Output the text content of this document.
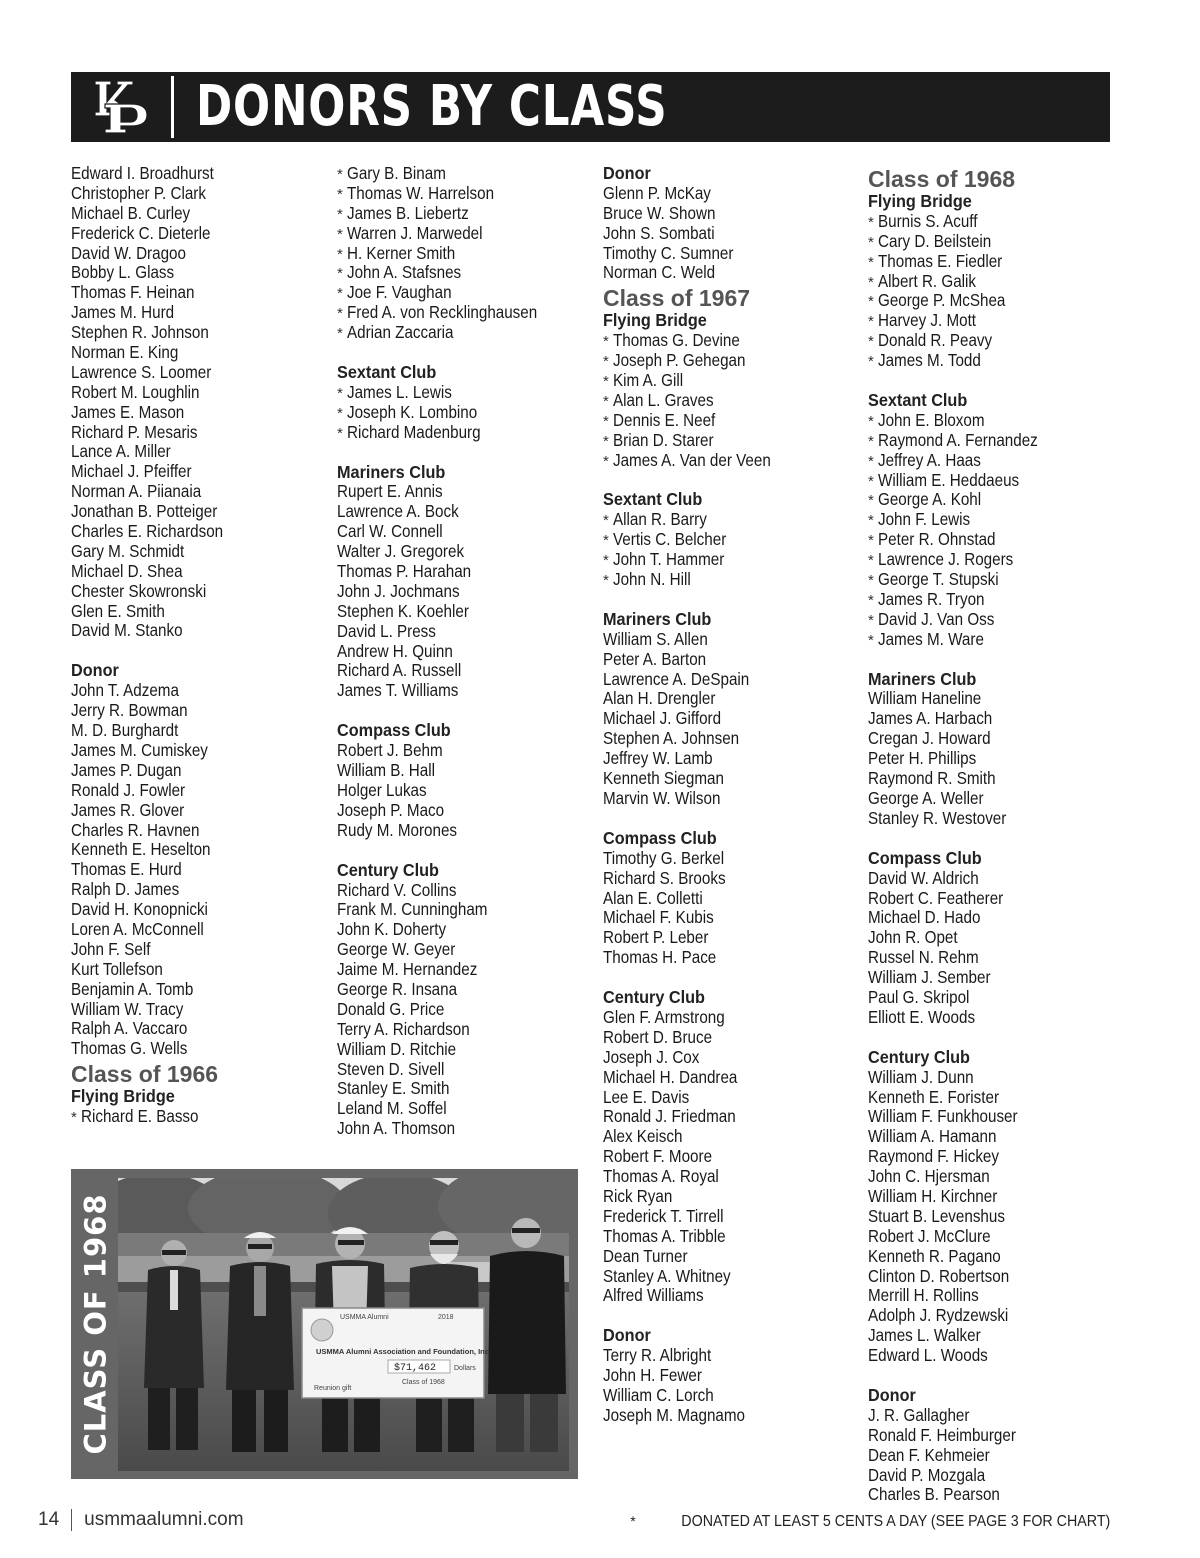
DONORS BY CLASS
Edward I. Broadhurst
Christopher P. Clark
Michael B. Curley
Frederick C. Dieterle
David W. Dragoo
Bobby L. Glass
Thomas F. Heinan
James M. Hurd
Stephen R. Johnson
Norman E. King
Lawrence S. Loomer
Robert M. Loughlin
James E. Mason
Richard P. Mesaris
Lance A. Miller
Michael J. Pfeiffer
Norman A. Piianaia
Jonathan B. Potteiger
Charles E. Richardson
Gary M. Schmidt
Michael D. Shea
Chester Skowronski
Glen E. Smith
David M. Stanko
Donor
John T. Adzema
Jerry R. Bowman
M. D. Burghardt
James M. Cumiskey
James P. Dugan
Ronald J. Fowler
James R. Glover
Charles R. Havnen
Kenneth E. Heselton
Thomas E. Hurd
Ralph D. James
David H. Konopnicki
Loren A. McConnell
John F. Self
Kurt Tollefson
Benjamin A. Tomb
William W. Tracy
Ralph A. Vaccaro
Thomas G. Wells
Class of 1966
Flying Bridge
* Richard E. Basso
* Gary B. Binam
* Thomas W. Harrelson
* James B. Liebertz
* Warren J. Marwedel
* H. Kerner Smith
* John A. Stafsnes
* Joe F. Vaughan
* Fred A. von Recklinghausen
* Adrian Zaccaria
Sextant Club
* James L. Lewis
* Joseph K. Lombino
* Richard Madenburg
Mariners Club
Rupert E. Annis
Lawrence A. Bock
Carl W. Connell
Walter J. Gregorek
Thomas P. Harahan
John J. Jochmans
Stephen K. Koehler
David L. Press
Andrew H. Quinn
Richard A. Russell
James T. Williams
Compass Club
Robert J. Behm
William B. Hall
Holger Lukas
Joseph P. Maco
Rudy M. Morones
Century Club
Richard V. Collins
Frank M. Cunningham
John K. Doherty
George W. Geyer
Jaime M. Hernandez
George R. Insana
Donald G. Price
Terry A. Richardson
William D. Ritchie
Steven D. Sivell
Stanley E. Smith
Leland M. Soffel
John A. Thomson
Donor
Glenn P. McKay
Bruce W. Shown
John S. Sombati
Timothy C. Sumner
Norman C. Weld
Class of 1967
Flying Bridge
* Thomas G. Devine
* Joseph P. Gehegan
* Kim A. Gill
* Alan L. Graves
* Dennis E. Neef
* Brian D. Starer
* James A. Van der Veen
Sextant Club
* Allan R. Barry
* Vertis C. Belcher
* John T. Hammer
* John N. Hill
Mariners Club
William S. Allen
Peter A. Barton
Lawrence A. DeSpain
Alan H. Drengler
Michael J. Gifford
Stephen A. Johnsen
Jeffrey W. Lamb
Kenneth Siegman
Marvin W. Wilson
Compass Club
Timothy G. Berkel
Richard S. Brooks
Alan E. Colletti
Michael F. Kubis
Robert P. Leber
Thomas H. Pace
Century Club
Glen F. Armstrong
Robert D. Bruce
Joseph J. Cox
Michael H. Dandrea
Lee E. Davis
Ronald J. Friedman
Alex Keisch
Robert F. Moore
Thomas A. Royal
Rick Ryan
Frederick T. Tirrell
Thomas A. Tribble
Dean Turner
Stanley A. Whitney
Alfred Williams
Donor
Terry R. Albright
John H. Fewer
William C. Lorch
Joseph M. Magnamo
Class of 1968
Flying Bridge
* Burnis S. Acuff
* Cary D. Beilstein
* Thomas E. Fiedler
* Albert R. Galik
* George P. McShea
* Harvey J. Mott
* Donald R. Peavy
* James M. Todd
Sextant Club
* John E. Bloxom
* Raymond A. Fernandez
* Jeffrey A. Haas
* William E. Heddaeus
* George A. Kohl
* John F. Lewis
* Peter R. Ohnstad
* Lawrence J. Rogers
* George T. Stupski
* James R. Tryon
* David J. Van Oss
* James M. Ware
Mariners Club
William Haneline
James A. Harbach
Cregan J. Howard
Peter H. Phillips
Raymond R. Smith
George A. Weller
Stanley R. Westover
Compass Club
David W. Aldrich
Robert C. Featherer
Michael D. Hado
John R. Opet
Russel N. Rehm
William J. Sember
Paul G. Skripol
Elliott E. Woods
Century Club
William J. Dunn
Kenneth E. Forister
William F. Funkhouser
William A. Hamann
Raymond F. Hickey
John C. Hjersman
William H. Kirchner
Stuart B. Levenshus
Robert J. McClure
Kenneth R. Pagano
Clinton D. Robertson
Merrill H. Rollins
Adolph J. Rydzewski
James L. Walker
Edward L. Woods
Donor
J. R. Gallagher
Ronald F. Heimburger
Dean F. Kehmeier
David P. Mozgala
Charles B. Pearson
CLASS OF 1968	USMMA Alumni	2018
USMMA Alumni Association and Foundation, Inc.
$71,462	Dollars
Reunion gift
Class of 1968
14 usmmaalumni.com	*	DONATED AT LEAST 5 CENTS A DAY (SEE PAGE 3 FOR CHART)
